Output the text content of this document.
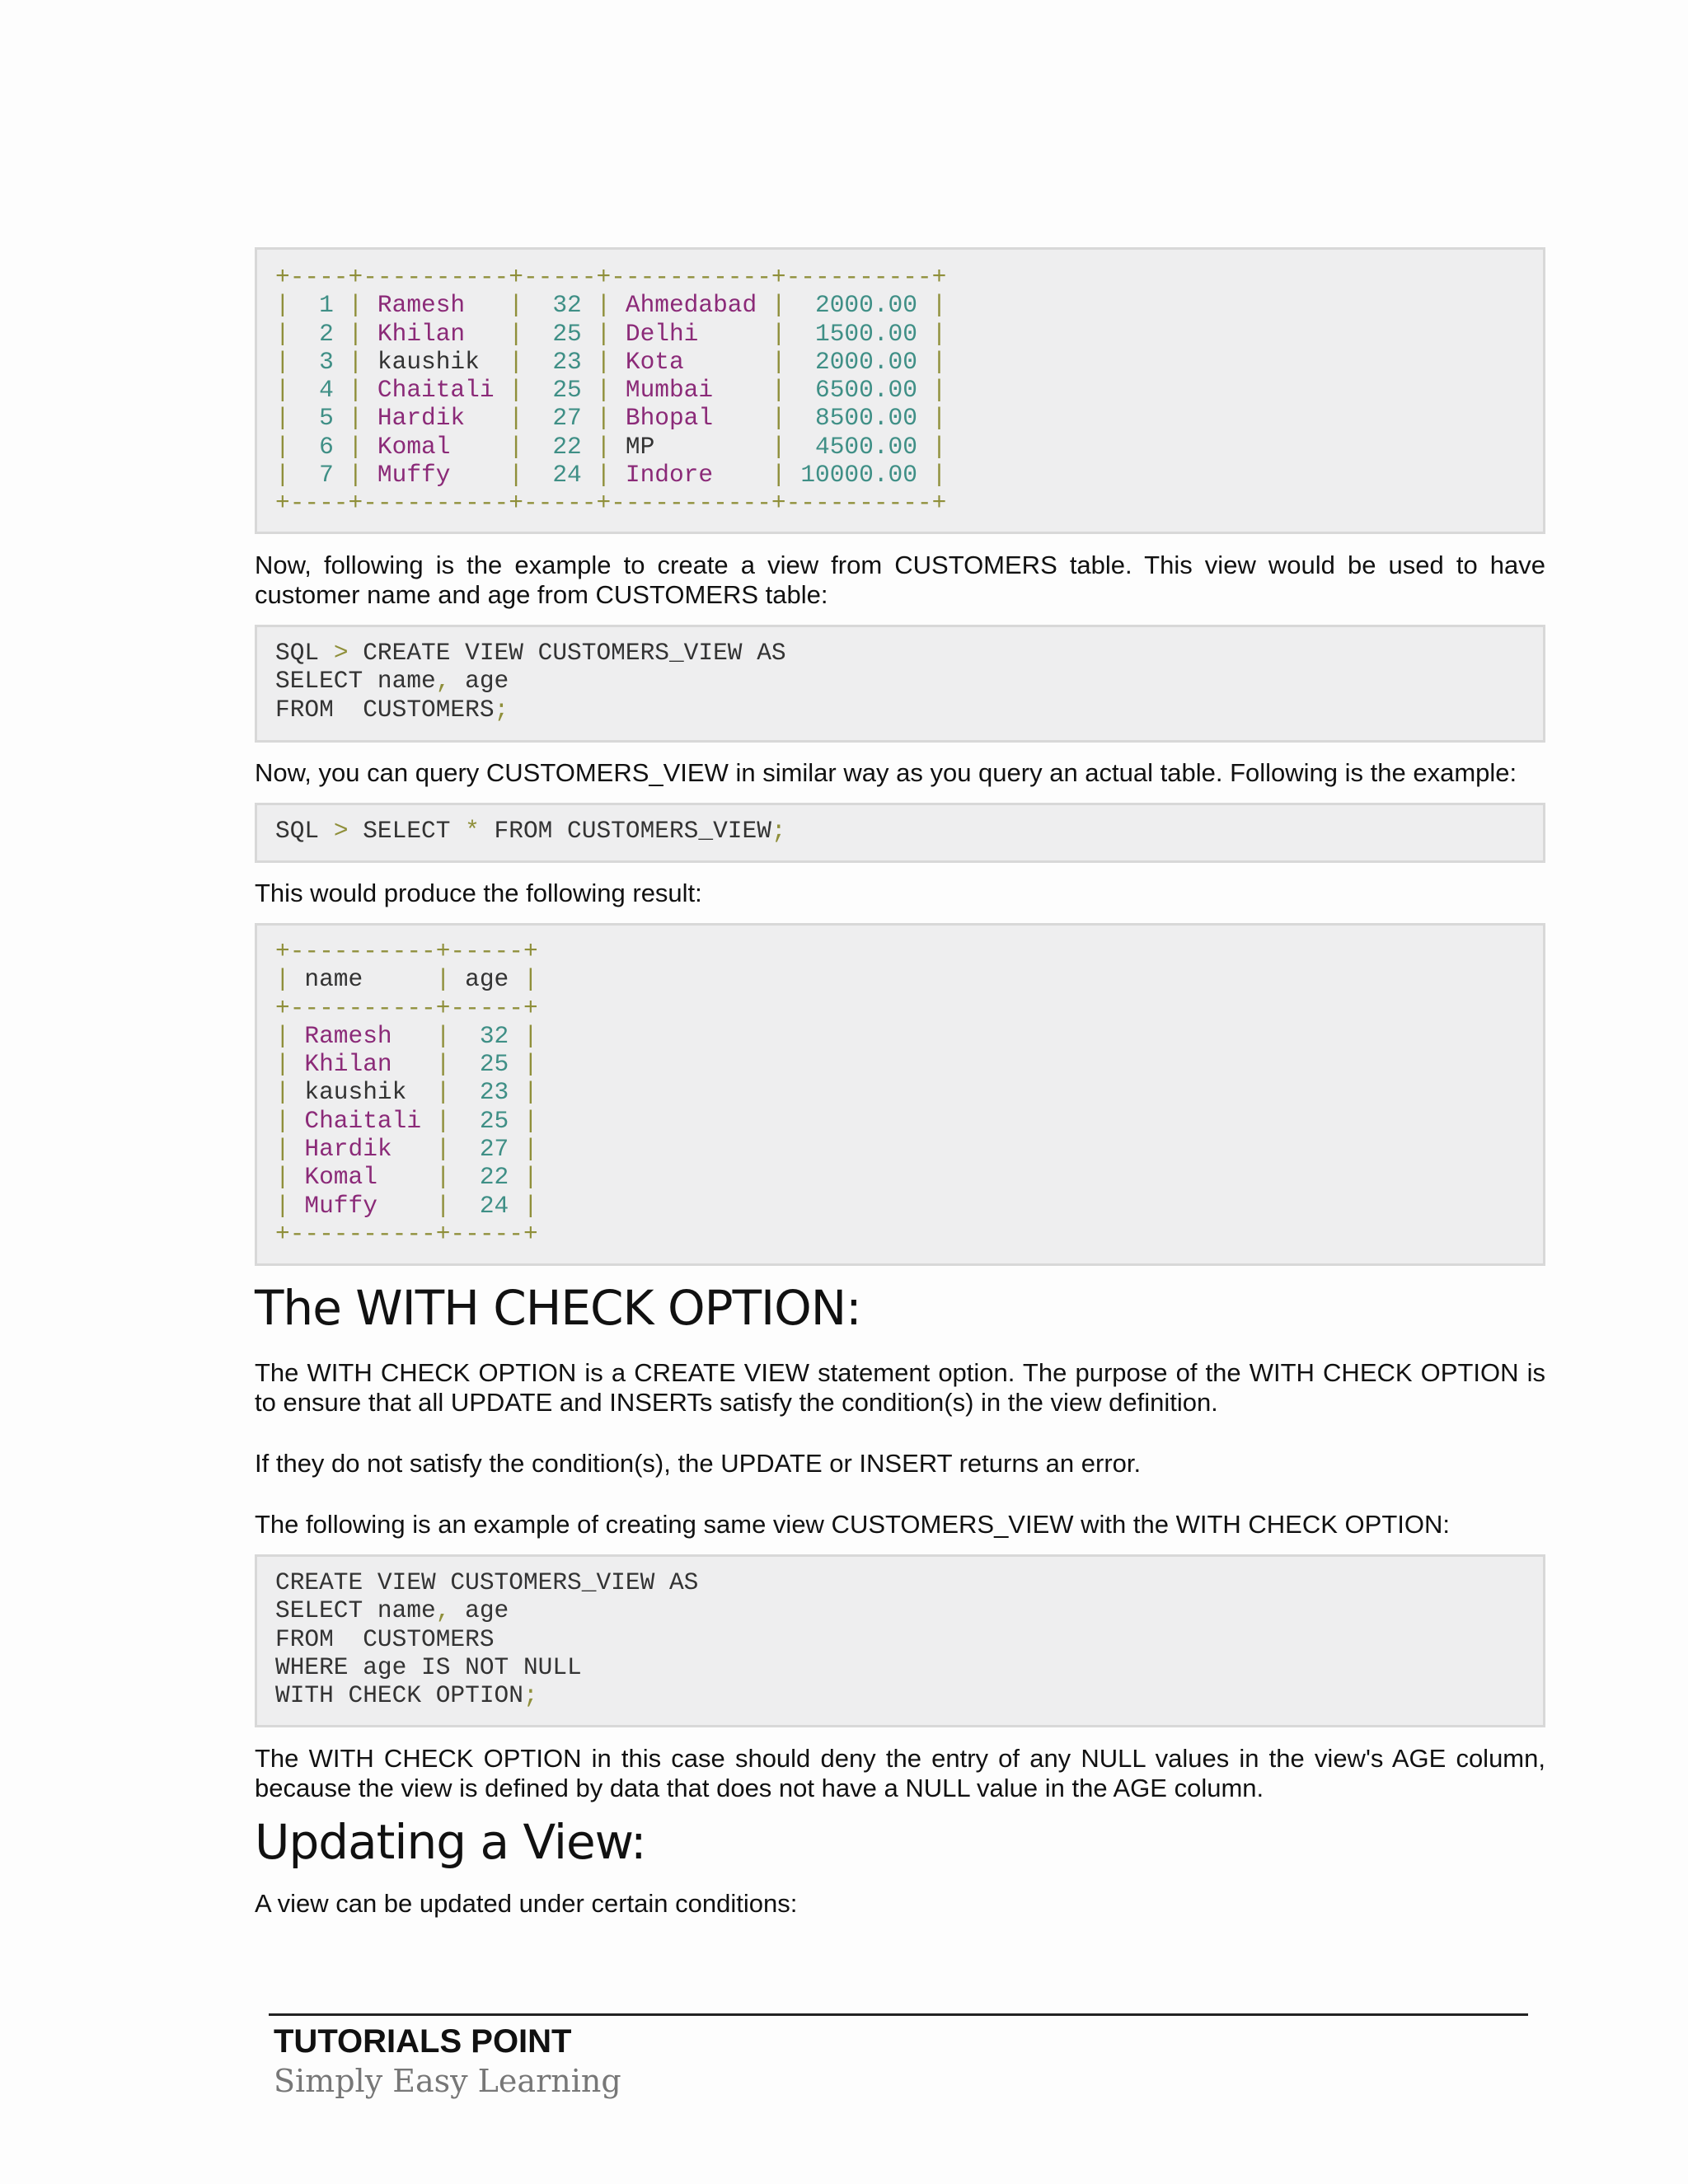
+----+----------+-----+-----------+----------+
|  1 | Ramesh |  32 | Ahmedabad |  2000.00 |
|  2 | Khilan |  25 | Delhi	|  1500.00 |
|  3 | kaushik |  23 | Kota	|  2000.00 |
|  4 | Chaitali |  25 | Mumbai |  6500.00 |
|  5 | Hardik |  27 | Bhopal |  8500.00 |
|  6 | Komal |  22 | MP	|  4500.00 |
|  7 | Muffy |  24 | Indore | 10000.00 |
+----+----------+-----+-----------+----------+

Now, following is the example to create a view from CUSTOMERS table. This view would be used to have customer name and age from CUSTOMERS table:

SQL > CREATE VIEW CUSTOMERS_VIEW AS
SELECT name, age
FROM  CUSTOMERS;

Now, you can query CUSTOMERS_VIEW in similar way as you query an actual table. Following is the example:

SQL > SELECT * FROM CUSTOMERS_VIEW;

This would produce the following result:

+----------+-----+
| name     | age |
+----------+-----+
| Ramesh |  32 |
| Khilan |  25 |
| kaushik |  23 |
| Chaitali |  25 |
| Hardik |  27 |
| Komal |  22 |
| Muffy |  24 |
+----------+-----+
The WITH CHECK OPTION:

The WITH CHECK OPTION is a CREATE VIEW statement option. The purpose of the WITH CHECK OPTION is to ensure that all UPDATE and INSERTs satisfy the condition(s) in the view definition.

If they do not satisfy the condition(s), the UPDATE or INSERT returns an error.

The following is an example of creating same view CUSTOMERS_VIEW with the WITH CHECK OPTION:

CREATE VIEW CUSTOMERS_VIEW AS
SELECT name, age
FROM  CUSTOMERS
WHERE age IS NOT NULL
WITH CHECK OPTION;

The WITH CHECK OPTION in this case should deny the entry of any NULL values in the view's AGE column, because the view is defined by data that does not have a NULL value in the AGE column.

Updating a View:

A view can be updated under certain conditions:

TUTORIALS POINT
Simply Easy Learning
